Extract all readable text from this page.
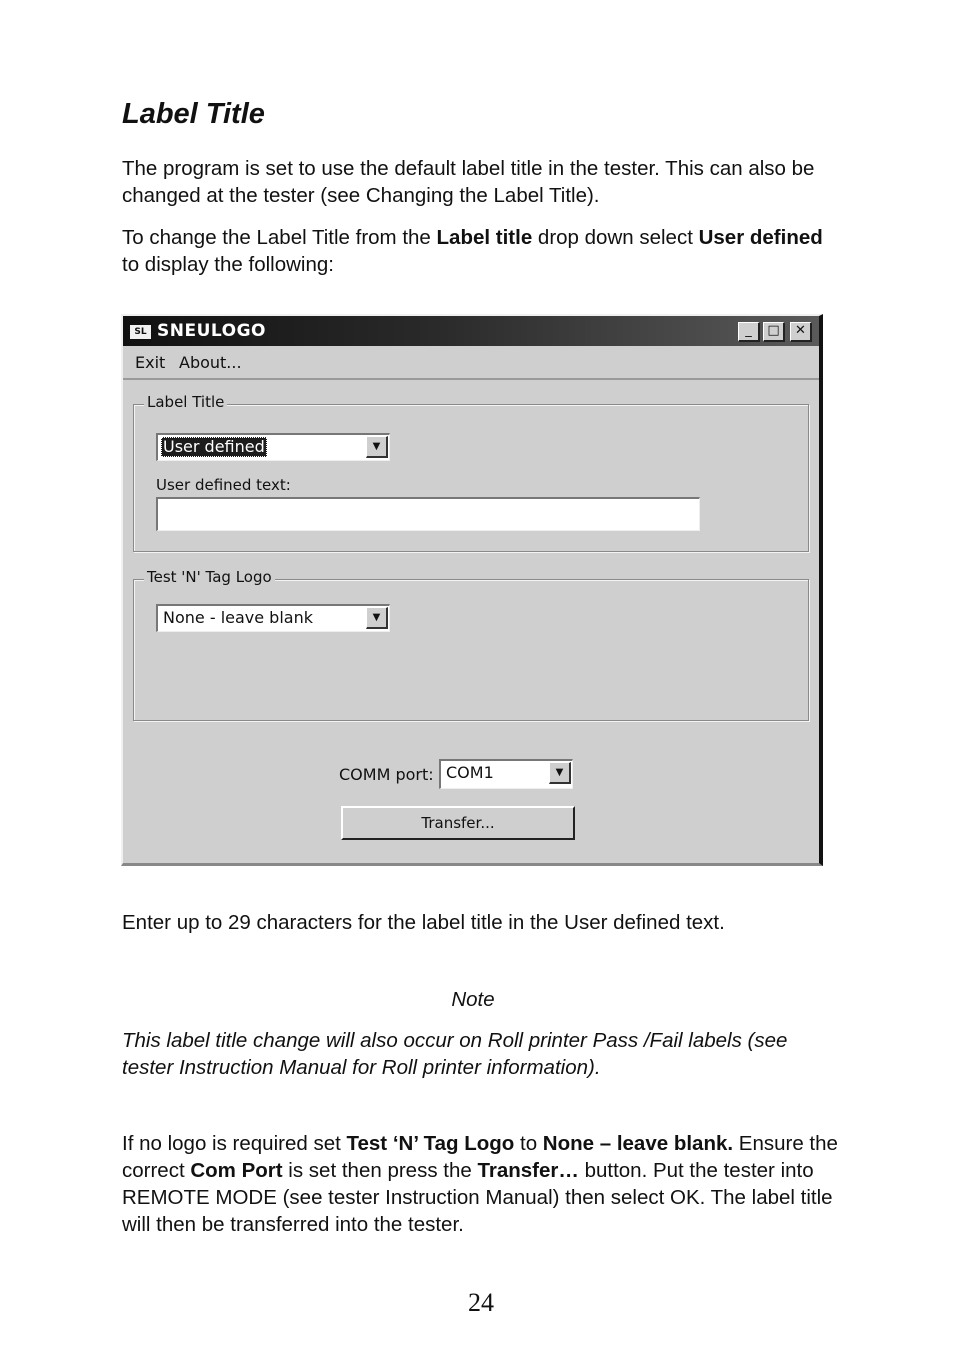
Label Title

The program is set to use the default label title in the tester. This can also be changed at the tester (see Changing the Label Title).

To change the Label Title from the Label title drop down select User defined to display the following:

SL SNEULOGO	_	□	✕
Exit About...
Label Title
User defined	▼
User defined text:
Test 'N' Tag Logo
None - leave blank	▼
COMM port: COM1	▼
Transfer...

Enter up to 29 characters for the label title in the User defined text.

Note

This label title change will also occur on Roll printer Pass /Fail labels (see tester Instruction Manual for Roll printer information).

If no logo is required set Test ‘N’ Tag Logo to None – leave blank. Ensure the correct Com Port is set then press the Transfer… button. Put the tester into REMOTE MODE (see tester Instruction Manual) then select OK. The label title will then be transferred into the tester.

24
